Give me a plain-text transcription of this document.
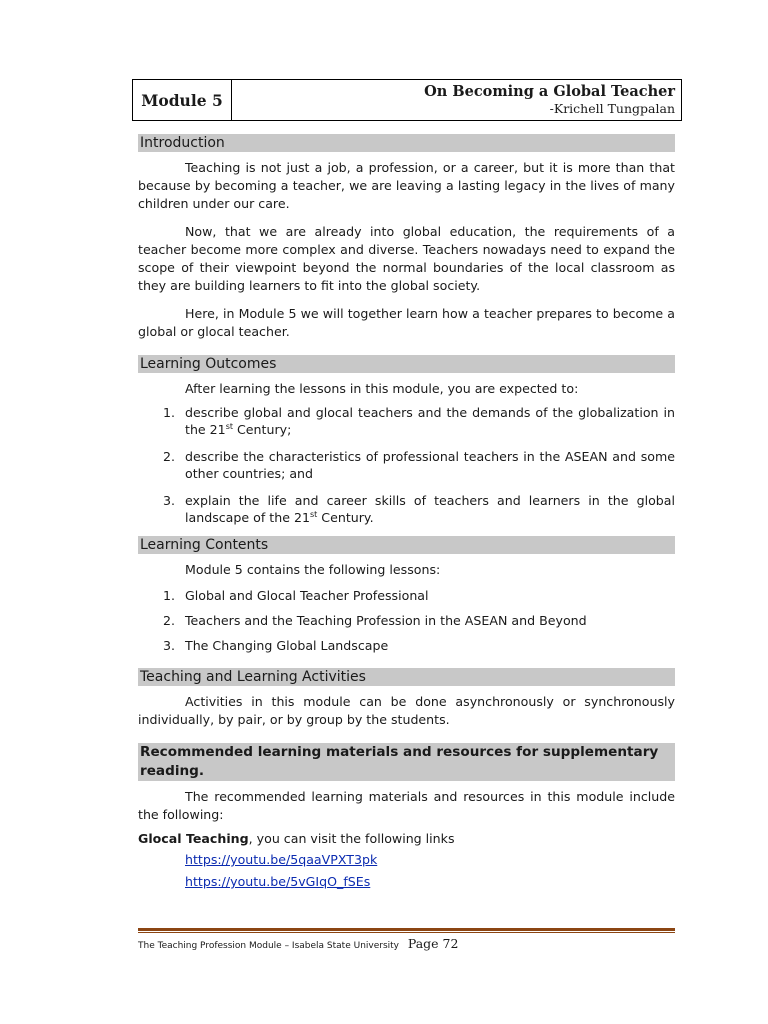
Module 5	On Becoming a Global Teacher
-Krichell Tungpalan
Introduction

Teaching is not just a job, a profession, or a career, but it is more than that because by becoming a teacher, we are leaving a lasting legacy in the lives of many children under our care.

Now, that we are already into global education, the requirements of a teacher become more complex and diverse. Teachers nowadays need to expand the scope of their viewpoint beyond the normal boundaries of the local classroom as they are building learners to fit into the global society.

Here, in Module 5 we will together learn how a teacher prepares to become a global or glocal teacher.

Learning Outcomes

After learning the lessons in this module, you are expected to:

1. describe global and glocal teachers and the demands of the globalization in the 21st Century;
2. describe the characteristics of professional teachers in the ASEAN and some other countries; and
3. explain the life and career skills of teachers and learners in the global landscape of the 21st Century.
Learning Contents

Module 5 contains the following lessons:

1. Global and Glocal Teacher Professional
2. Teachers and the Teaching Profession in the ASEAN and Beyond
3. The Changing Global Landscape
Teaching and Learning Activities

Activities in this module can be done asynchronously or synchronously individually, by pair, or by group by the students.

Recommended learning materials and resources for supplementary reading.

The recommended learning materials and resources in this module include the following:

Glocal Teaching, you can visit the following links

https://youtu.be/5qaaVPXT3pk
https://youtu.be/5vGIqO_fSEs
The Teaching Profession Module – Isabela State University Page 72
